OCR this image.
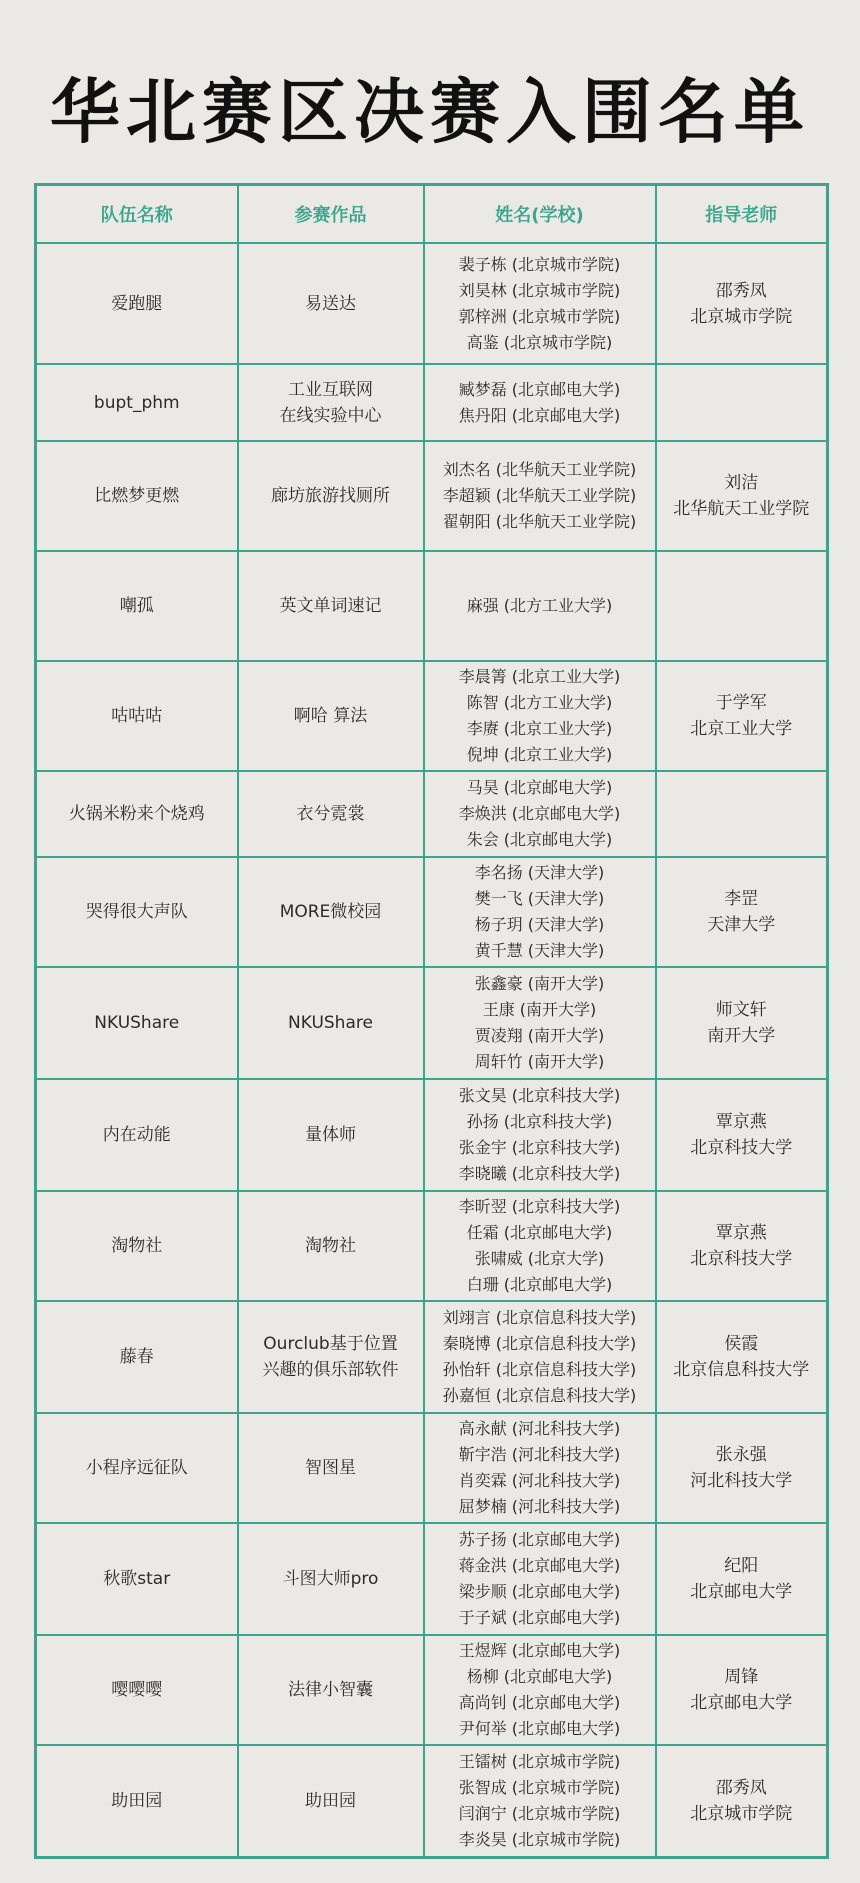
华北赛区决赛入围名单
队伍名称	参赛作品	姓名(学校)	指导老师
爱跑腿	易送达	裴子栋 (北京城市学院)
刘昊林 (北京城市学院)
郭梓洲 (北京城市学院)
高鉴 (北京城市学院)	邵秀凤
北京城市学院

bupt_phm	工业互联网
在线实验中心	臧梦磊 (北京邮电大学)
焦丹阳 (北京邮电大学)	

比燃梦更燃	廊坊旅游找厕所	刘杰名 (北华航天工业学院)
李超颖 (北华航天工业学院)
翟朝阳 (北华航天工业学院)	刘洁
北华航天工业学院

嘲孤	英文单词速记	麻强 (北方工业大学)	

咕咕咕	啊哈 算法	李晨箐 (北京工业大学)
陈智 (北方工业大学)
李赓 (北京工业大学)
倪坤 (北京工业大学)	于学军
北京工业大学

火锅米粉来个烧鸡	衣兮霓裳	马昊 (北京邮电大学)
李焕洪 (北京邮电大学)
朱会 (北京邮电大学)	

哭得很大声队	MORE微校园	李名扬 (天津大学)
樊一飞 (天津大学)
杨子玥 (天津大学)
黄千慧 (天津大学)	李罡
天津大学

NKUShare	NKUShare	张鑫豪 (南开大学)
王康 (南开大学)
贾凌翔 (南开大学)
周轩竹 (南开大学)	师文轩
南开大学

内在动能	量体师	张文昊 (北京科技大学)
孙扬 (北京科技大学)
张金宇 (北京科技大学)
李晓曦 (北京科技大学)	覃京燕
北京科技大学

淘物社	淘物社	李昕翌 (北京科技大学)
任霜 (北京邮电大学)
张啸威 (北京大学)
白珊 (北京邮电大学)	覃京燕
北京科技大学

藤春	Ourclub基于位置
兴趣的俱乐部软件	刘翊言 (北京信息科技大学)
秦晓博 (北京信息科技大学)
孙怡轩 (北京信息科技大学)
孙嘉恒 (北京信息科技大学)	侯霞
北京信息科技大学

小程序远征队	智图星	高永献 (河北科技大学)
靳宇浩 (河北科技大学)
肖奕霖 (河北科技大学)
屈梦楠 (河北科技大学)	张永强
河北科技大学

秋歌star	斗图大师pro	苏子扬 (北京邮电大学)
蒋金洪 (北京邮电大学)
梁步顺 (北京邮电大学)
于子斌 (北京邮电大学)	纪阳
北京邮电大学

嘤嘤嘤	法律小智囊	王煜辉 (北京邮电大学)
杨柳 (北京邮电大学)
高尚钊 (北京邮电大学)
尹何举 (北京邮电大学)	周锋
北京邮电大学

助田园	助田园	王镭树 (北京城市学院)
张智成 (北京城市学院)
闫润宁 (北京城市学院)
李炎昊 (北京城市学院)	邵秀凤
北京城市学院
